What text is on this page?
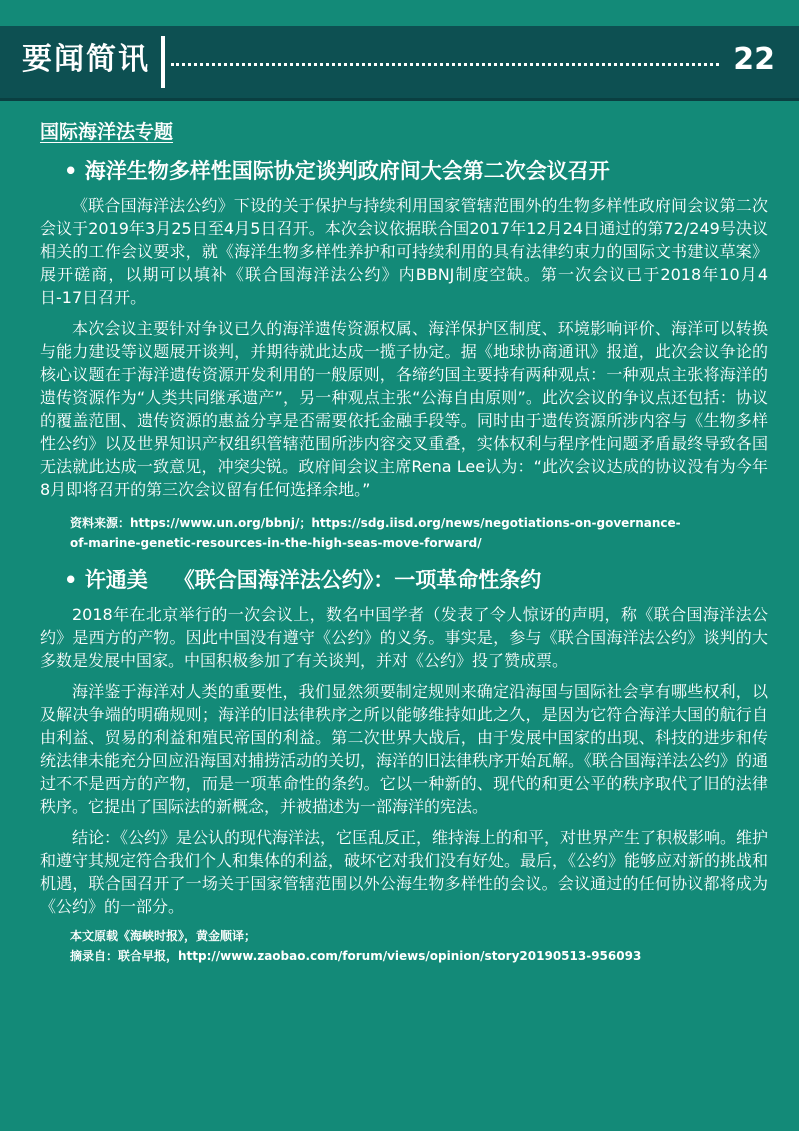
要闻简讯	22
国际海洋法专题
• 海洋生物多样性国际协定谈判政府间大会第二次会议召开

《联合国海洋法公约》下设的关于保护与持续利用国家管辖范围外的生物多样性政府间会议第二次会议于2019年3月25日至4月5日召开。本次会议依据联合国2017年12月24日通过的第72/249号决议相关的工作会议要求，就《海洋生物多样性养护和可持续利用的具有法律约束力的国际文书建议草案》展开磋商，以期可以填补《联合国海洋法公约》内BBNJ制度空缺。第一次会议已于2018年10月4日-17日召开。

本次会议主要针对争议已久的海洋遗传资源权属、海洋保护区制度、环境影响评价、海洋可以转换与能力建设等议题展开谈判，并期待就此达成一揽子协定。据《地球协商通讯》报道，此次会议争论的核心议题在于海洋遗传资源开发利用的一般原则，各缔约国主要持有两种观点：一种观点主张将海洋的遗传资源作为“人类共同继承遗产”，另一种观点主张“公海自由原则”。此次会议的争议点还包括：协议的覆盖范围、遗传资源的惠益分享是否需要依托金融手段等。同时由于遗传资源所涉内容与《生物多样性公约》以及世界知识产权组织管辖范围所涉内容交叉重叠，实体权利与程序性问题矛盾最终导致各国无法就此达成一致意见，冲突尖锐。政府间会议主席Rena Lee认为：“此次会议达成的协议没有为今年8月即将召开的第三次会议留有任何选择余地。”

资料来源：https://www.un.org/bbnj/；https://sdg.iisd.org/news/negotiations-on-governance-
of-marine-genetic-resources-in-the-high-seas-move-forward/
• 许通美 《联合国海洋法公约》：一项革命性条约

2018年在北京举行的一次会议上，数名中国学者（发表了令人惊讶的声明，称《联合国海洋法公约》是西方的产物。因此中国没有遵守《公约》的义务。事实是，参与《联合国海洋法公约》谈判的大多数是发展中国家。中国积极参加了有关谈判，并对《公约》投了赞成票。

海洋鉴于海洋对人类的重要性，我们显然须要制定规则来确定沿海国与国际社会享有哪些权利，以及解决争端的明确规则；海洋的旧法律秩序之所以能够维持如此之久，是因为它符合海洋大国的航行自由利益、贸易的利益和殖民帝国的利益。第二次世界大战后，由于发展中国家的出现、科技的进步和传统法律未能充分回应沿海国对捕捞活动的关切，海洋的旧法律秩序开始瓦解。《联合国海洋法公约》的通过不不是西方的产物，而是一项革命性的条约。它以一种新的、现代的和更公平的秩序取代了旧的法律秩序。它提出了国际法的新概念，并被描述为一部海洋的宪法。

结论：《公约》是公认的现代海洋法，它匡乱反正，维持海上的和平，对世界产生了积极影响。维护和遵守其规定符合我们个人和集体的利益，破坏它对我们没有好处。最后，《公约》能够应对新的挑战和机遇，联合国召开了一场关于国家管辖范围以外公海生物多样性的会议。会议通过的任何协议都将成为《公约》的一部分。

本文原载《海峡时报》，黄金顺译；
摘录自：联合早报，http://www.zaobao.com/forum/views/opinion/story20190513-956093
